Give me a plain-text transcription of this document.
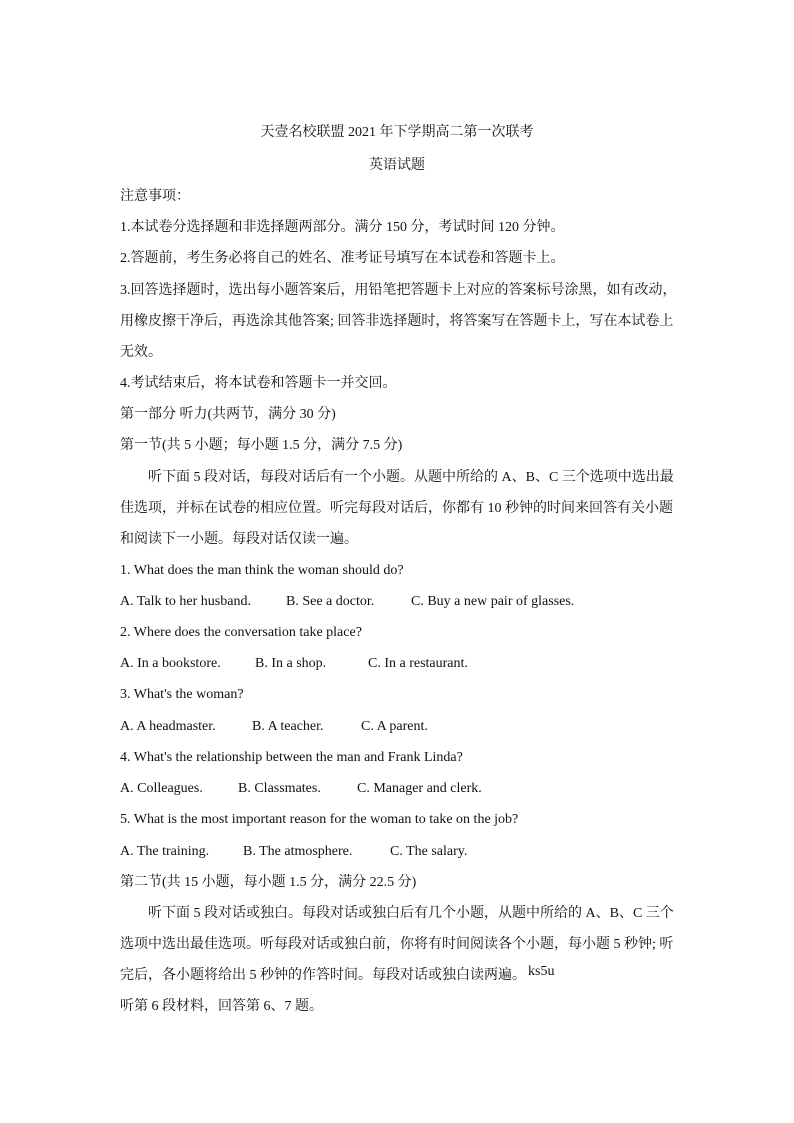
天壹名校联盟 2021 年下学期高二第一次联考
英语试题
注意事项：
1.本试卷分选择题和非选择题两部分。满分 150 分，考试时间 120 分钟。
2.答题前，考生务必将自己的姓名、准考证号填写在本试卷和答题卡上。
3.回答选择题时，选出每小题答案后，用铅笔把答题卡上对应的答案标号涂黑，如有改动，
用橡皮擦干净后，再选涂其他答案; 回答非选择题时，将答案写在答题卡上，写在本试卷上
无效。
4.考试结束后，将本试卷和答题卡一并交回。
第一部分 听力(共两节，满分 30 分)
第一节(共 5 小题；每小题 1.5 分，满分 7.5 分)
听下面 5 段对话，每段对话后有一个小题。从题中所给的 A、B、C 三个选项中选出最
佳选项，并标在试卷的相应位置。听完每段对话后，你都有 10 秒钟的时间来回答有关小题
和阅读下一小题。每段对话仅读一遍。
1. What does the man think the woman should do?
A. Talk to her husband.	B. See a doctor.	C. Buy a new pair of glasses.
2. Where does the conversation take place?
A. In a bookstore. B. In a shop.	C. In a restaurant.
3. What's the woman?
A. A headmaster.	B. A teacher.	C. A parent.
4. What's the relationship between the man and Frank Linda?
A. Colleagues.	B. Classmates.	C. Manager and clerk.
5. What is the most important reason for the woman to take on the job?
A. The training. B. The atmosphere.	C. The salary.
第二节(共 15 小题，每小题 1.5 分，满分 22.5 分)
听下面 5 段对话或独白。每段对话或独白后有几个小题，从题中所给的 A、B、C 三个
选项中选出最佳选项。听每段对话或独白前，你将有时间阅读各个小题，每小题 5 秒钟; 听
完后，各小题将给出 5 秒钟的作答时间。每段对话或独白读两遍。 ks5u
听第 6 段材料，回答第 6、7 题。
